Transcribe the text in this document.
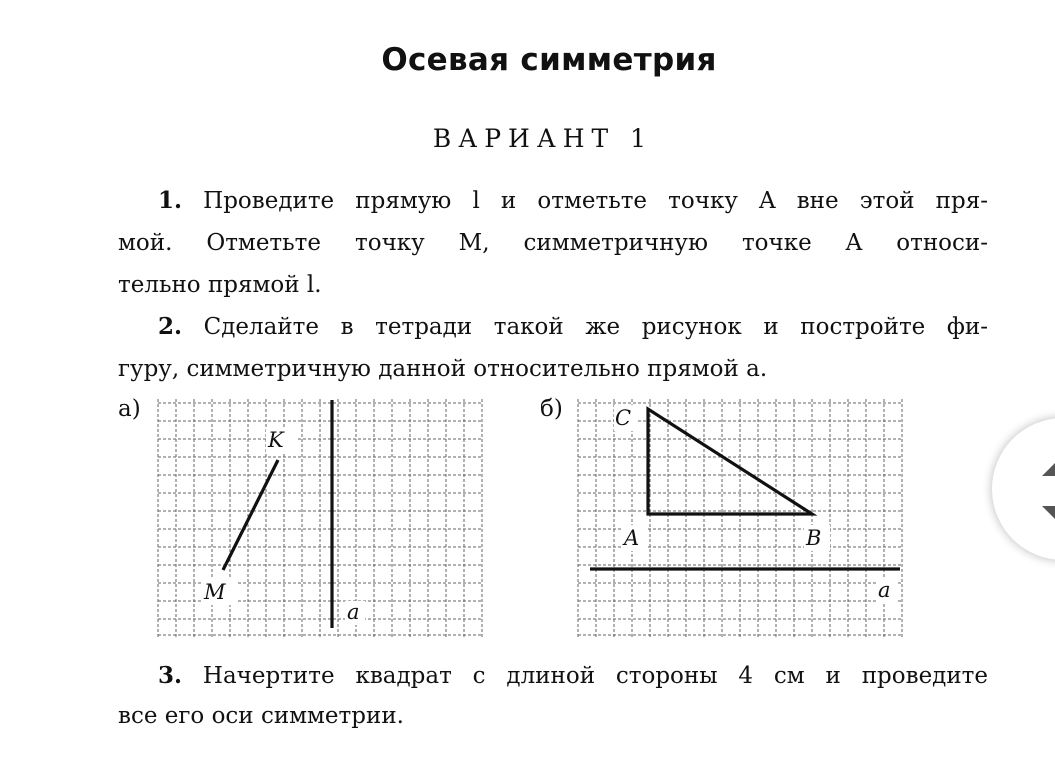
Осевая симметрия
ВАРИАНТ 1
1. Проведите прямую l и отметьте точку A вне этой пря-
мой. Отметьте точку M, симметричную точке A относи-
тельно прямой l.
2. Сделайте в тетради такой же рисунок и постройте фи-
гуру, симметричную данной относительно прямой a.
а)
K
M
a
б) C
A	B
a
3. Начертите квадрат с длиной стороны 4 см и проведите
все его оси симметрии.
